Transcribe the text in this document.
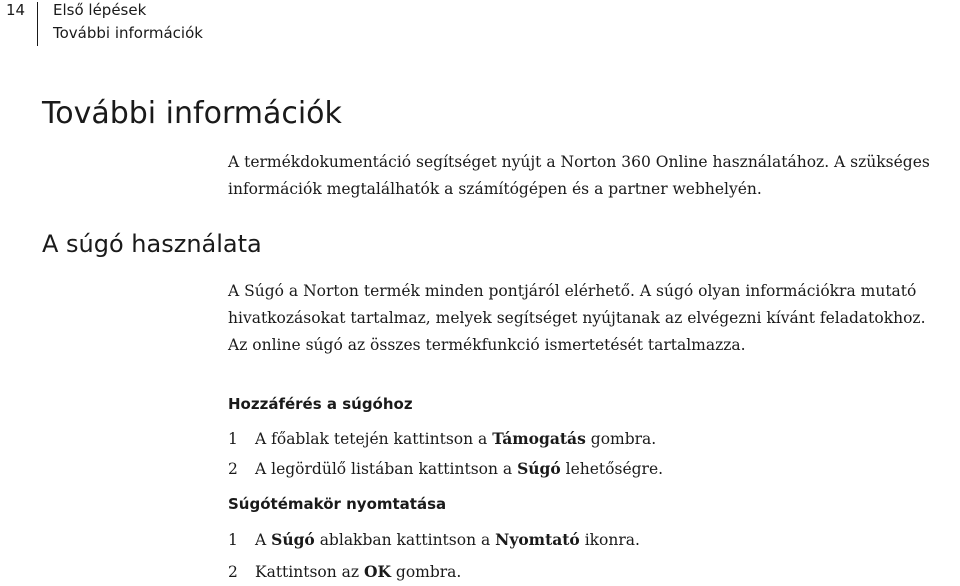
14 Első lépések
További információk
További információk

A termékdokumentáció segítséget nyújt a Norton 360 Online használatához. A szükséges információk megtalálhatók a számítógépen és a partner webhelyén.

A súgó használata

A Súgó a Norton termék minden pontjáról elérhető. A súgó olyan információkra mutató hivatkozásokat tartalmaz, melyek segítséget nyújtanak az elvégezni kívánt feladatokhoz. Az online súgó az összes termékfunkció ismertetését tartalmazza.

Hozzáférés a súgóhoz
1 A főablak tetején kattintson a Támogatás gombra.
2 A legördülő listában kattintson a Súgó lehetőségre.
Súgótémakör nyomtatása
1 A Súgó ablakban kattintson a Nyomtató ikonra.
2 Kattintson az OK gombra.
